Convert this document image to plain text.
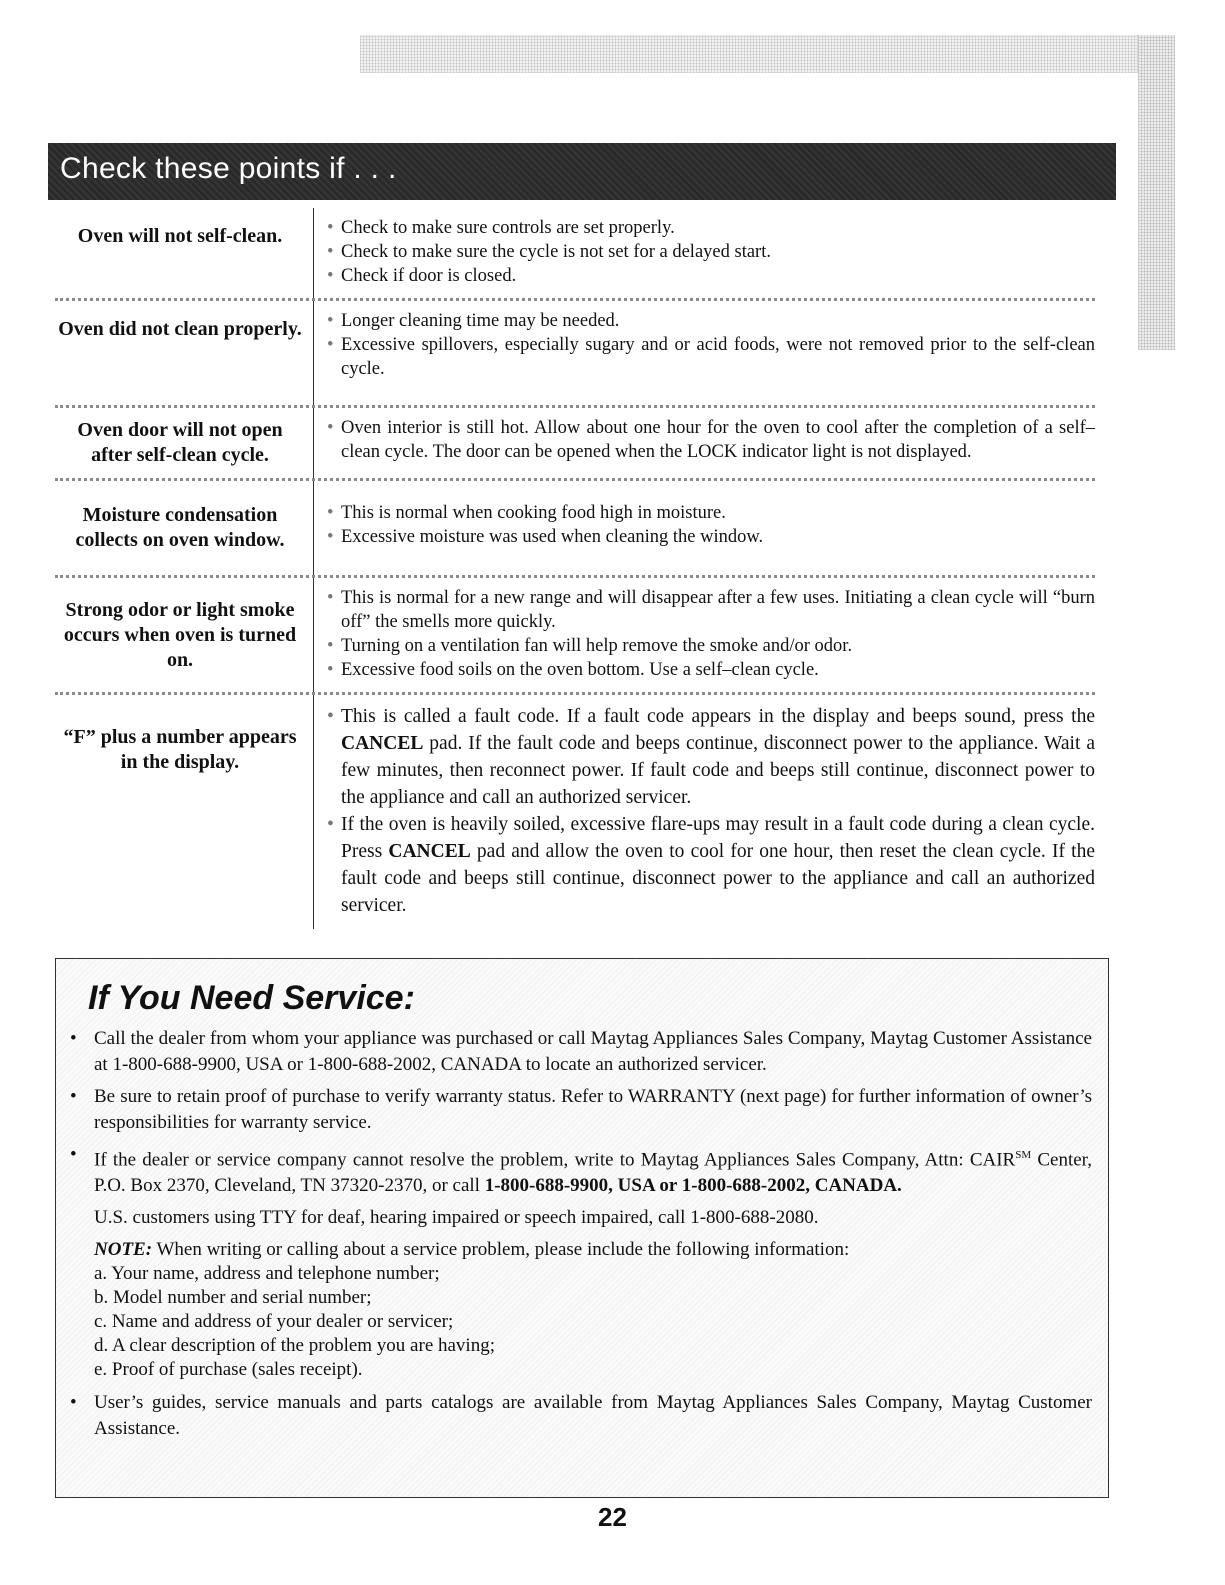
Check these points if . . .
Oven will not self-clean.	• Check to make sure controls are set properly.
• Check to make sure the cycle is not set for a delayed start.
• Check if door is closed.
Oven did not clean properly.	• Longer cleaning time may be needed.
• Excessive spillovers, especially sugary and or acid foods, were not removed prior to the self-clean cycle.
Oven door will not open after self-clean cycle.
• Oven interior is still hot. Allow about one hour for the oven to cool after the completion of a self–clean cycle. The door can be opened when the LOCK indicator light is not displayed.
Moisture condensation collects on oven window.
• This is normal when cooking food high in moisture.
• Excessive moisture was used when cleaning the window.
Strong odor or light smoke occurs when oven is turned on.
• This is normal for a new range and will disappear after a few uses. Initiating a clean cycle will “burn off” the smells more quickly.
• Turning on a ventilation fan will help remove the smoke and/or odor.
• Excessive food soils on the oven bottom. Use a self–clean cycle.
“F” plus a number appears in the display.
• This is called a fault code. If a fault code appears in the display and beeps sound, press the CANCEL pad. If the fault code and beeps continue, disconnect power to the appliance. Wait a few minutes, then reconnect power. If fault code and beeps still continue, disconnect power to the appliance and call an authorized servicer.
• If the oven is heavily soiled, excessive flare-ups may result in a fault code during a clean cycle. Press CANCEL pad and allow the oven to cool for one hour, then reset the clean cycle. If the fault code and beeps still continue, disconnect power to the appliance and call an authorized servicer.
If You Need Service:
• Call the dealer from whom your appliance was purchased or call Maytag Appliances Sales Company, Maytag Customer Assistance at 1-800-688-9900, USA or 1-800-688-2002, CANADA to locate an authorized servicer.
• Be sure to retain proof of purchase to verify warranty status. Refer to WARRANTY (next page) for further information of owner’s responsibilities for warranty service.
• If the dealer or service company cannot resolve the problem, write to Maytag Appliances Sales Company, Attn: CAIR℠ Center, P.O. Box 2370, Cleveland, TN 37320-2370, or call 1-800-688-9900, USA or 1-800-688-2002, CANADA.
U.S. customers using TTY for deaf, hearing impaired or speech impaired, call 1-800-688-2080.
NOTE: When writing or calling about a service problem, please include the following information:
a. Your name, address and telephone number;
b. Model number and serial number;
c. Name and address of your dealer or servicer;
d. A clear description of the problem you are having;
e. Proof of purchase (sales receipt).
• User’s guides, service manuals and parts catalogs are available from Maytag Appliances Sales Company, Maytag Customer Assistance.
22
